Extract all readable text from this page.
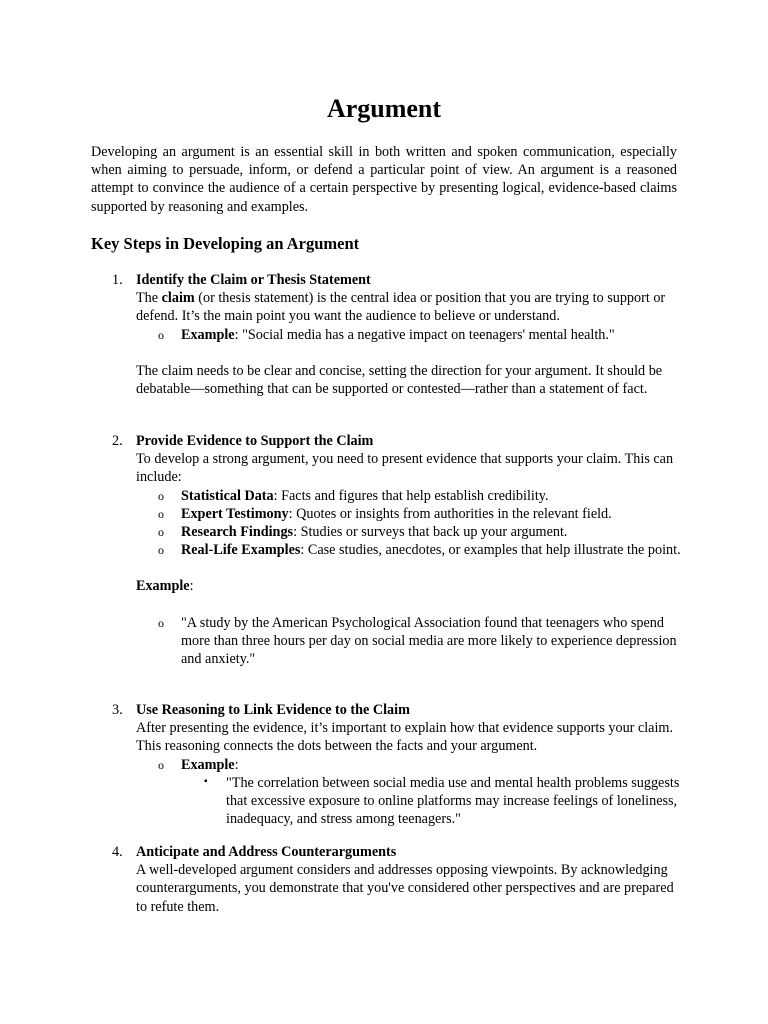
Argument

Developing an argument is an essential skill in both written and spoken communication, especially when aiming to persuade, inform, or defend a particular point of view. An argument is a reasoned attempt to convince the audience of a certain perspective by presenting logical, evidence-based claims supported by reasoning and examples.

Key Steps in Developing an Argument
1. Identify the Claim or Thesis Statement

The claim (or thesis statement) is the central idea or position that you are trying to support or defend. It’s the main point you want the audience to believe or understand.

o Example: "Social media has a negative impact on teenagers' mental health."

The claim needs to be clear and concise, setting the direction for your argument. It should be debatable—something that can be supported or contested—rather than a statement of fact.

2. Provide Evidence to Support the Claim

To develop a strong argument, you need to present evidence that supports your claim. This can include:

o Statistical Data: Facts and figures that help establish credibility.
o Expert Testimony: Quotes or insights from authorities in the relevant field.
o Research Findings: Studies or surveys that back up your argument.
o Real-Life Examples: Case studies, anecdotes, or examples that help illustrate the point.

Example:

o "A study by the American Psychological Association found that teenagers who spend more than three hours per day on social media are more likely to experience depression and anxiety."
3. Use Reasoning to Link Evidence to the Claim

After presenting the evidence, it’s important to explain how that evidence supports your claim. This reasoning connects the dots between the facts and your argument.

o Example:
▪ "The correlation between social media use and mental health problems suggests that excessive exposure to online platforms may increase feelings of loneliness, inadequacy, and stress among teenagers."
4. Anticipate and Address Counterarguments

A well-developed argument considers and addresses opposing viewpoints. By acknowledging counterarguments, you demonstrate that you've considered other perspectives and are prepared to refute them.
